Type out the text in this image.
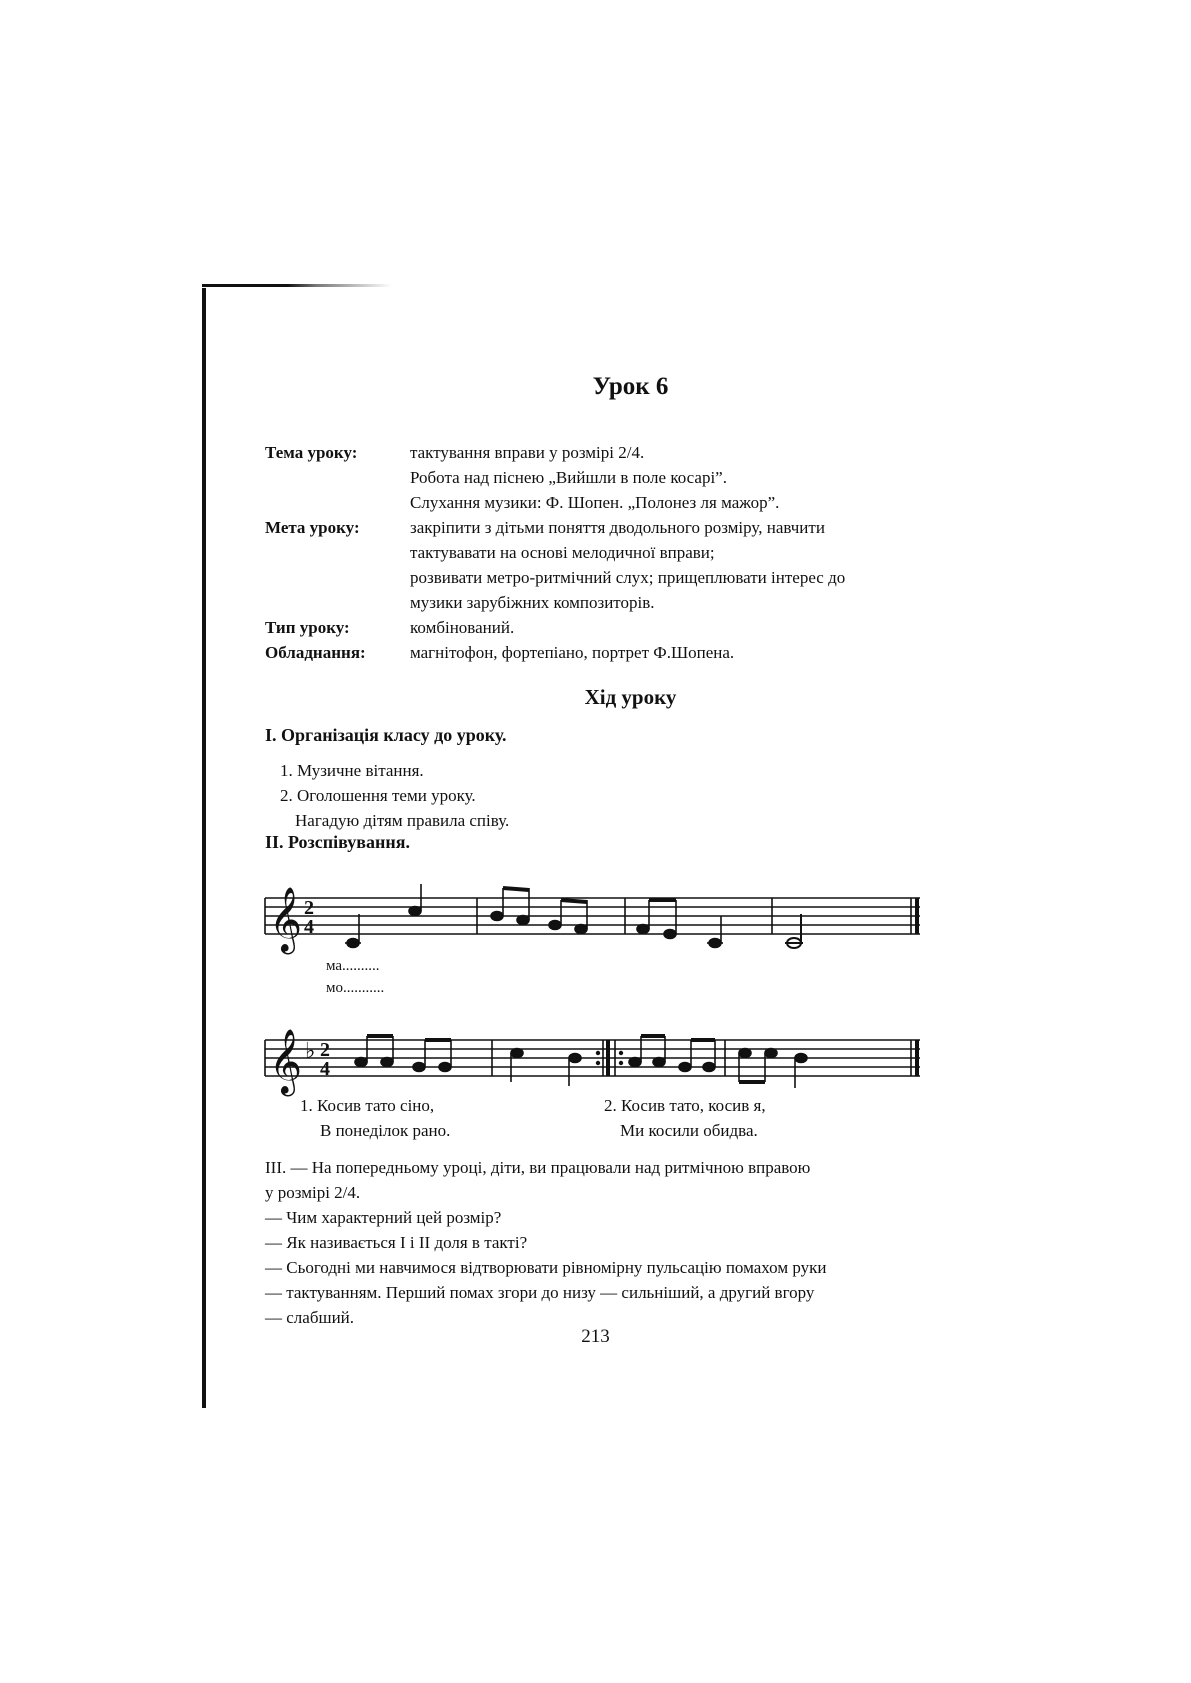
Урок 6
Тема уроку:	тактування вправи у розмірі 2/4.
Робота над піснею „Вийшли в поле косарі”.
Слухання музики: Ф. Шопен. „Полонез ля мажор”.
Мета уроку:	закріпити з дітьми поняття дводольного розміру, навчити
тактувавати на основі мелодичної вправи;
розвивати метро-ритмічний слух; прищеплювати інтерес до
музики зарубіжних композиторів.
Тип уроку:	комбінований.
Обладнання:	магнітофон, фортепіано, портрет Ф.Шопена.
Хід уроку
І. Організація класу до уроку.
1. Музичне вітання.
2. Оголошення теми уроку.
Нагадую дітям правила співу.
ІІ. Розспівування.
𝄞 2
4
ма..........
мо...........
𝄞 ♭ 2
4
1. Косив тато сіно,
В понеділок рано.
2. Косив тато, косив я,
Ми косили обидва.
ІІІ. — На попередньому уроці, діти, ви працювали над ритмічною вправою
у розмірі 2/4.
— Чим характерний цей розмір?
— Як називається І і ІІ доля в такті?
— Сьогодні ми навчимося відтворювати рівномірну пульсацію помахом руки
— тактуванням. Перший помах згори до низу — сильніший, а другий вгору
— слабший.
213
